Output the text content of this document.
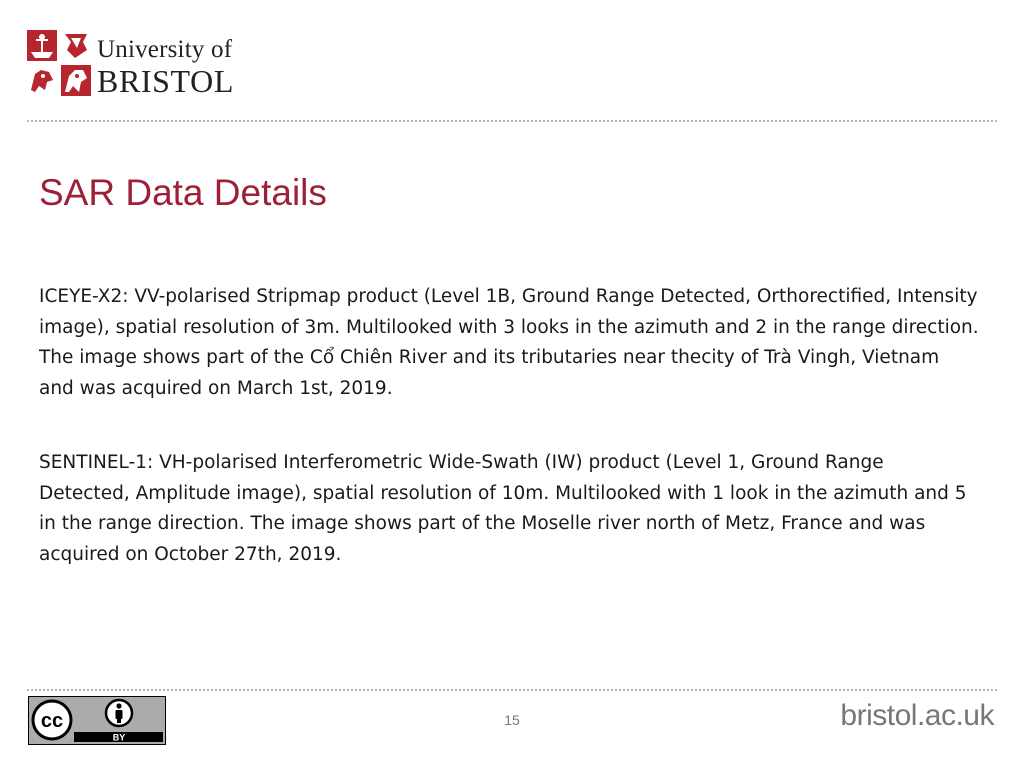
University of
BRISTOL
SAR Data Details

ICEYE-X2: VV-polarised Stripmap product (Level 1B, Ground Range Detected, Orthorectified, Intensity image), spatial resolution of 3m. Multilooked with 3 looks in the azimuth and 2 in the range direction. The image shows part of the Cổ Chiên River and its tributaries near thecity of Trà Vingh, Vietnam and was acquired on March 1st, 2019.

SENTINEL-1: VH-polarised Interferometric Wide-Swath (IW) product (Level 1, Ground Range Detected, Amplitude image), spatial resolution of 10m. Multilooked with 1 look in the azimuth and 5 in the range direction. The image shows part of the Moselle river north of Metz, France and was acquired on October 27th, 2019.

cc
BY
15	bristol.ac.uk
